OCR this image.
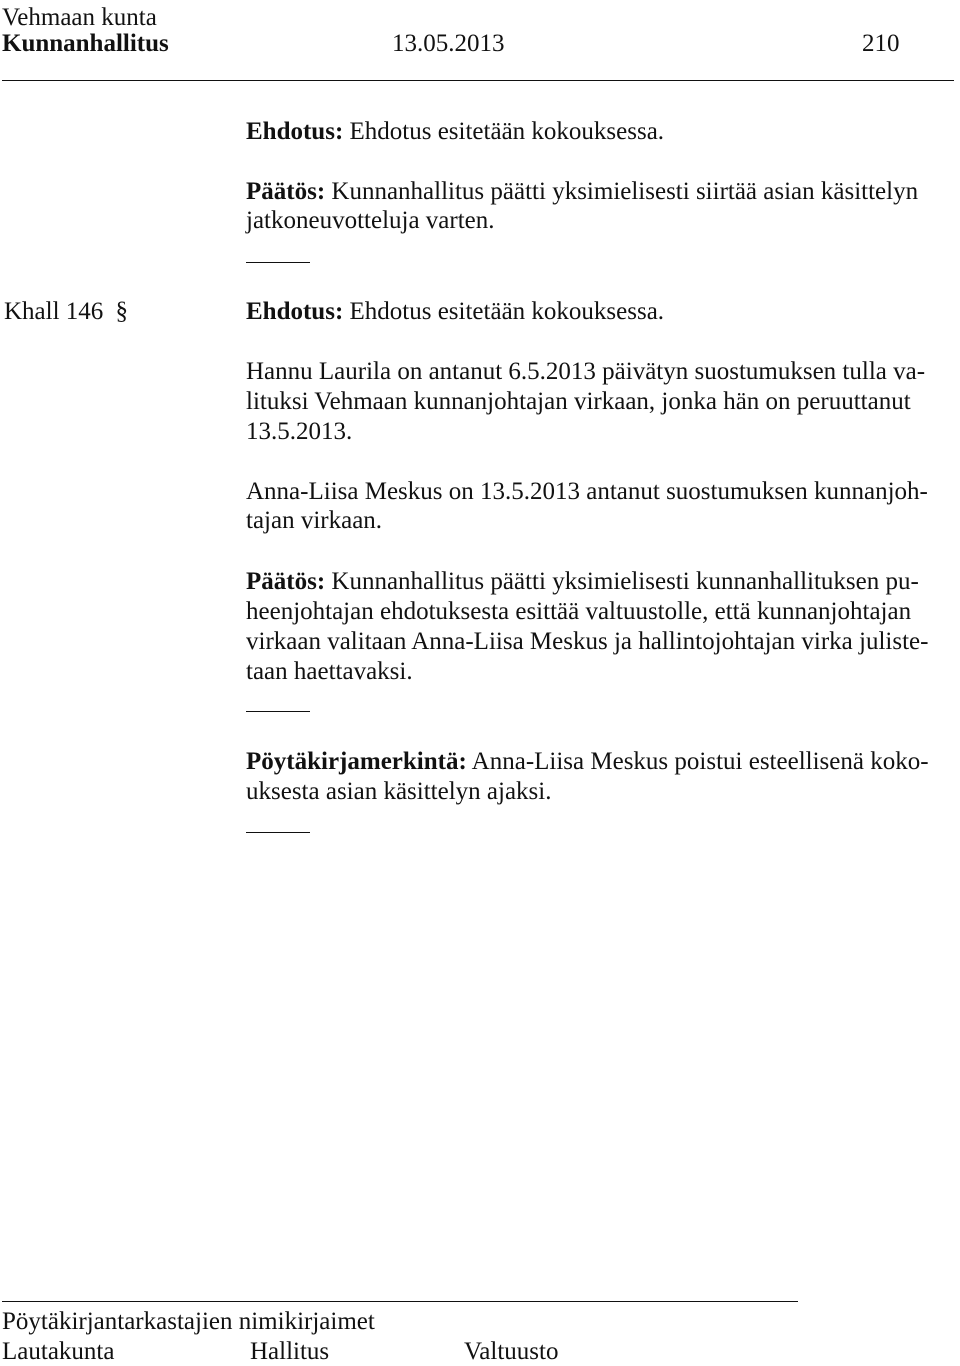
Vehmaan kunta
Kunnanhallitus	13.05.2013	210
Ehdotus: Ehdotus esitetään kokouksessa.
Päätös: Kunnanhallitus päätti yksimielisesti siirtää asian käsittelyn
jatkoneuvotteluja varten.
Khall 146 §	Ehdotus: Ehdotus esitetään kokouksessa.
Hannu Laurila on antanut 6.5.2013 päivätyn suostumuksen tulla va-
lituksi Vehmaan kunnanjohtajan virkaan, jonka hän on peruuttanut
13.5.2013.
Anna-Liisa Meskus on 13.5.2013 antanut suostumuksen kunnanjoh-
tajan virkaan.
Päätös: Kunnanhallitus päätti yksimielisesti kunnanhallituksen pu-
heenjohtajan ehdotuksesta esittää valtuustolle, että kunnanjohtajan
virkaan valitaan Anna-Liisa Meskus ja hallintojohtajan virka juliste-
taan haettavaksi.
Pöytäkirjamerkintä: Anna-Liisa Meskus poistui esteellisenä koko-
uksesta asian käsittelyn ajaksi.
Pöytäkirjantarkastajien nimikirjaimet
Lautakunta	Hallitus	Valtuusto
